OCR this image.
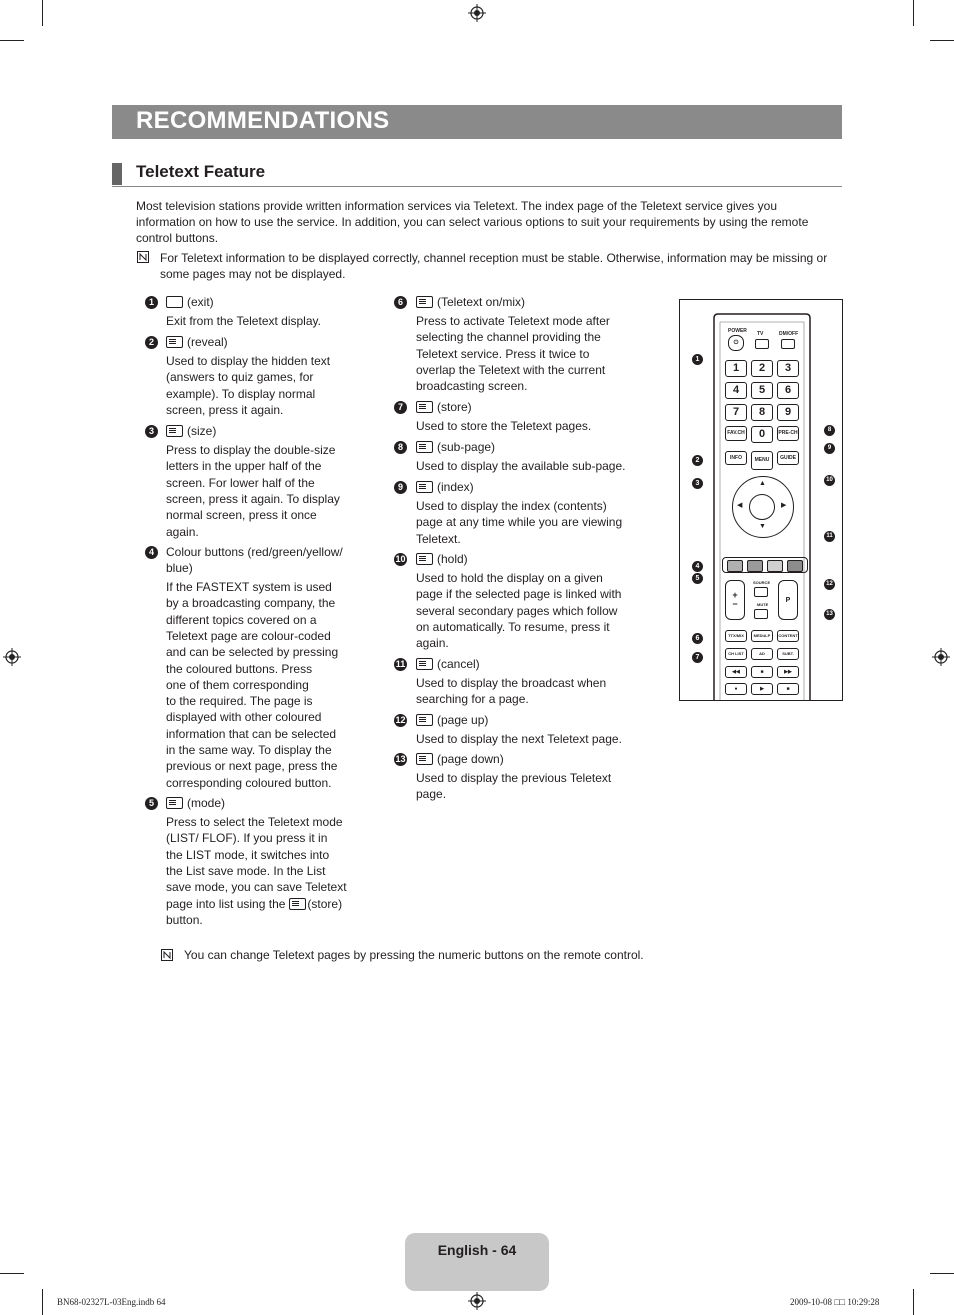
RECOMMENDATIONS
Teletext Feature
Most television stations provide written information services via Teletext. The index page of the Teletext service gives you
information on how to use the service. In addition, you can select various options to suit your requirements by using the remote
control buttons.
For Teletext information to be displayed correctly, channel reception must be stable. Otherwise, information may be missing or
some pages may not be displayed.
1	(exit)
Exit from the Teletext display.
2	(reveal)
Used to display the hidden text
(answers to quiz games, for
example). To display normal
screen, press it again.
3	(size)
Press to display the double-size
letters in the upper half of the
screen. For lower half of the
screen, press it again. To display
normal screen, press it once
again.
4	Colour buttons (red/green/yellow/
blue)
If the FASTEXT system is used
by a broadcasting company, the
different topics covered on a
Teletext page are colour-coded
and can be selected by pressing
the coloured buttons. Press
one of them corresponding
to the required. The page is
displayed with other coloured
information that can be selected
in the same way. To display the
previous or next page, press the
corresponding coloured button.
5	(mode)
Press to select the Teletext mode
(LIST/ FLOF). If you press it in
the LIST mode, it switches into
the List save mode. In the List
save mode, you can save Teletext
page into list using the (store)
button.
6	(Teletext on/mix)
Press to activate Teletext mode after
selecting the channel providing the
Teletext service. Press it twice to
overlap the Teletext with the current
broadcasting screen.
7	(store)
Used to store the Teletext pages.
8	(sub-page)
Used to display the available sub-page.
9	(index)
Used to display the index (contents)
page at any time while you are viewing
Teletext.
10	(hold)
Used to hold the display on a given
page if the selected page is linked with
several secondary pages which follow
on automatically. To resume, press it
again.
11	(cancel)
Used to display the broadcast when
searching for a page.
12	(page up)
Used to display the next Teletext page.
13	(page down)
Used to display the previous Teletext
page.
POWER TV	DM/OFF
⏻
1	2	3
4	5	6
7	8	9
FAV.CH	0	PRE-CH
INFO	MENU	GUIDE
▲
▼
◀	▶
+
−
SOURCE
MUTE
P
TTX/MIX	MEDIA.P	CONTENT
CH LIST	AD	SUBT.
◀◀	■	▶▶
●	▶	■
1
2
3
4
5
6
7
8
9
10
11
12
13
You can change Teletext pages by pressing the numeric buttons on the remote control.
English - 64
BN68-02327L-03Eng.indb 64	2009-10-08 □□ 10:29:28
